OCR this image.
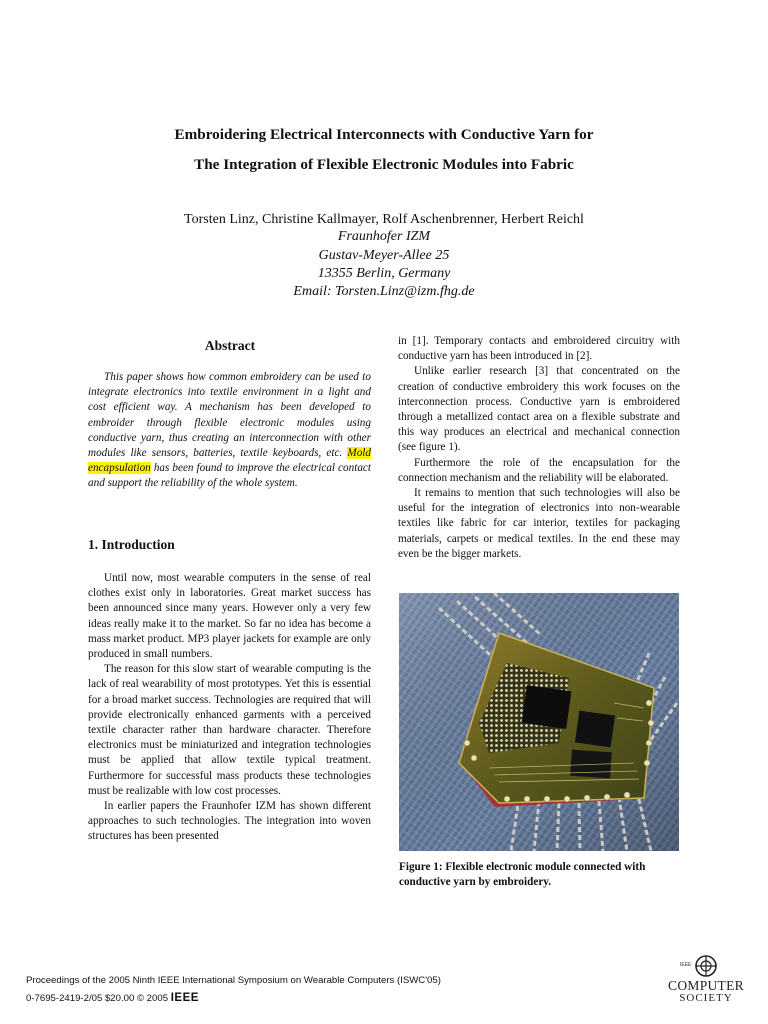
Embroidering Electrical Interconnects with Conductive Yarn for
The Integration of Flexible Electronic Modules into Fabric
Torsten Linz, Christine Kallmayer, Rolf Aschenbrenner, Herbert Reichl
Fraunhofer IZM
Gustav-Meyer-Allee 25
13355 Berlin, Germany
Email: Torsten.Linz@izm.fhg.de
Abstract

This paper shows how common embroidery can be used to integrate electronics into textile environment in a light and cost efficient way. A mechanism has been developed to embroider through flexible electronic modules using conductive yarn, thus creating an interconnection with other modules like sensors, batteries, textile keyboards, etc. Mold encapsulation has been found to improve the electrical contact and support the reliability of the whole system.

1. Introduction

Until now, most wearable computers in the sense of real clothes exist only in laboratories. Great market success has been announced since many years. However only a very few ideas really make it to the market. So far no idea has become a mass market product. MP3 player jackets for example are only produced in small numbers.

The reason for this slow start of wearable computing is the lack of real wearability of most prototypes. Yet this is essential for a broad market success. Technologies are required that will provide electronically enhanced garments with a perceived textile character rather than hardware character. Therefore electronics must be miniaturized and integration technologies must be applied that allow textile typical treatment. Furthermore for successful mass products these technologies must be realizable with low cost processes.

In earlier papers the Fraunhofer IZM has shown different approaches to such technologies. The integration into woven structures has been presented

in [1]. Temporary contacts and embroidered circuitry with conductive yarn has been introduced in [2].

Unlike earlier research [3] that concentrated on the creation of conductive embroidery this work focuses on the interconnection process. Conductive yarn is embroidered through a metallized contact area on a flexible substrate and this way produces an electrical and mechanical connection (see figure 1).

Furthermore the role of the encapsulation for the connection mechanism and the reliability will be elaborated.

It remains to mention that such technologies will also be useful for the integration of electronics into non-wearable textiles like fabric for car interior, textiles for packaging materials, carpets or medical textiles. In the end these may even be the bigger markets.

Figure 1: Flexible electronic module connected with conductive yarn by embroidery.
Proceedings of the 2005 Ninth IEEE International Symposium on Wearable Computers (ISWC'05)
0-7695-2419-2/05 $20.00 © 2005 IEEE
IEEE
COMPUTER
SOCIETY
